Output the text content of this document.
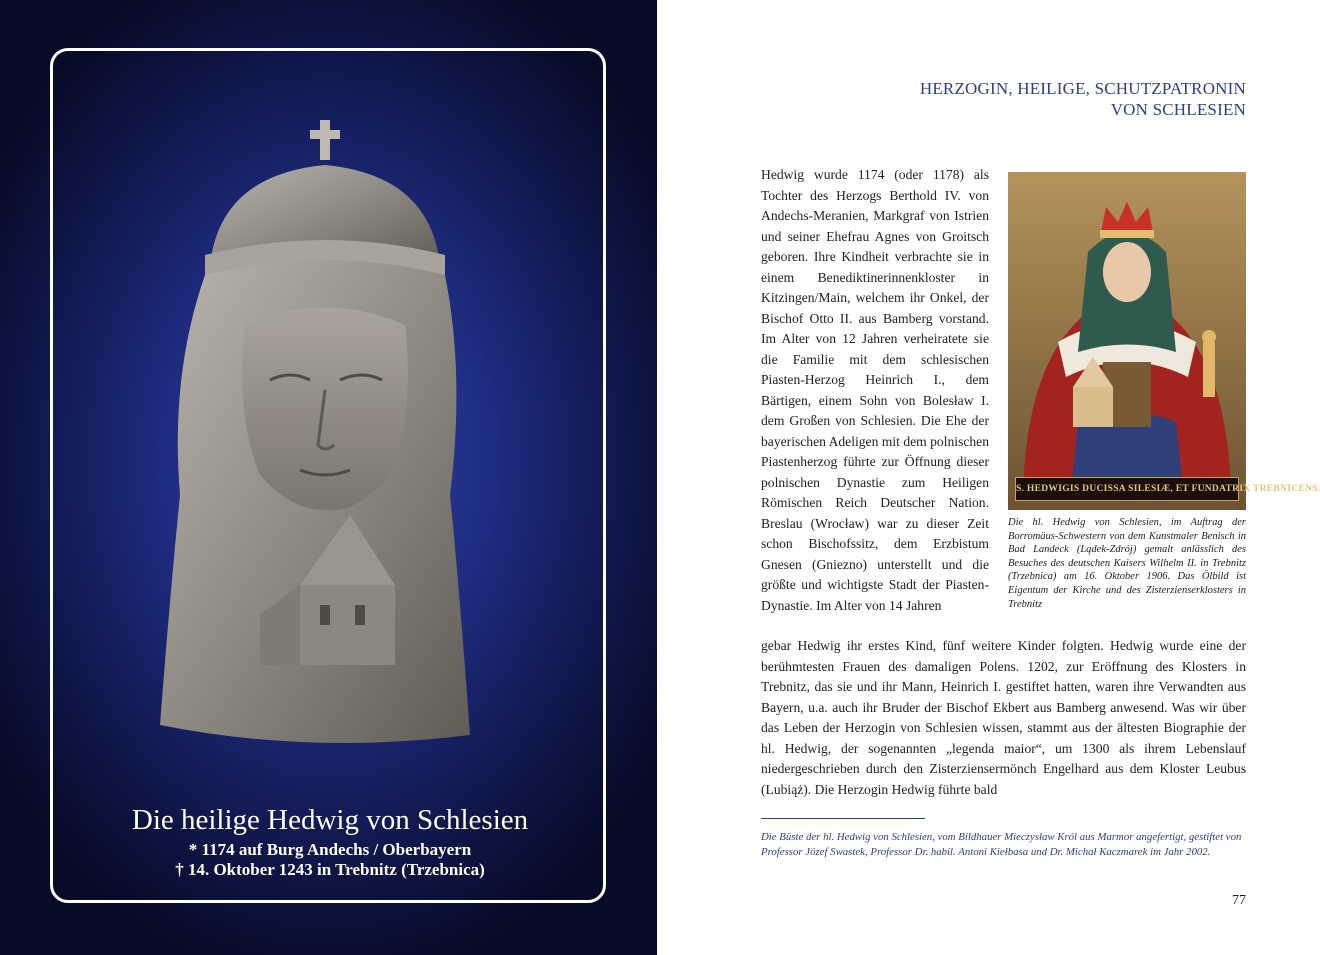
Die heilige Hedwig von Schlesien
* 1174 auf Burg Andechs / Oberbayern
† 14. Oktober 1243 in Trebnitz (Trzebnica)
HERZOGIN, HEILIGE, SCHUTZPATRONIN
VON SCHLESIEN

Hedwig wurde 1174 (oder 1178) als Tochter des Herzogs Berthold IV. von Andechs-Meranien, Markgraf von Istrien und seiner Ehefrau Agnes von Groitsch geboren. Ihre Kindheit verbrachte sie in einem Benediktinerinnenkloster in Kitzingen/Main, welchem ihr Onkel, der Bischof Otto II. aus Bamberg vorstand. Im Alter von 12 Jahren verheiratete sie die Familie mit dem schlesischen Piasten-Herzog Heinrich I., dem Bärtigen, einem Sohn von Bolesław I. dem Großen von Schlesien. Die Ehe der bayerischen Adeligen mit dem polnischen Piastenherzog führte zur Öffnung dieser polnischen Dynastie zum Heiligen Römischen Reich Deutscher Nation. Breslau (Wrocław) war zu dieser Zeit schon Bischofssitz, dem Erzbistum Gnesen (Gniezno) unterstellt und die größte und wichtigste Stadt der Piasten-Dynastie. Im Alter von 14 Jahren

S. HEDWIGIS DUCISSA SILESIÆ, ET FUNDATRIX TREBNICENS.
Die hl. Hedwig von Schlesien, im Auftrag der Borromäus-Schwestern von dem Kunstmaler Benisch in Bad Landeck (Lądek-Zdrój) gemalt anlässlich des Besuches des deutschen Kaisers Wilhelm II. in Trebnitz (Trzebnica) am 16. Oktober 1906. Das Ölbild ist Eigentum der Kirche und des Zisterzienserklosters in Trebnitz

gebar Hedwig ihr erstes Kind, fünf weitere Kinder folgten. Hedwig wurde eine der berühmtesten Frauen des damaligen Polens. 1202, zur Eröffnung des Klosters in Trebnitz, das sie und ihr Mann, Heinrich I. gestiftet hatten, waren ihre Verwandten aus Bayern, u.a. auch ihr Bruder der Bischof Ekbert aus Bamberg anwesend. Was wir über das Leben der Herzogin von Schlesien wissen, stammt aus der ältesten Biographie der hl. Hedwig, der sogenannten „legenda maior“, um 1300 als ihrem Lebenslauf niedergeschrieben durch den Zisterziensermönch Engelhard aus dem Kloster Leubus (Lubiąż). Die Herzogin Hedwig führte bald

Die Büste der hl. Hedwig von Schlesien, vom Bildhauer Mieczysław Król aus Marmor angefertigt, gestiftet von Professor Józef Swastek, Professor Dr. habil. Antoni Kiełbasa und Dr. Michał Kaczmarek im Jahr 2002.
77
